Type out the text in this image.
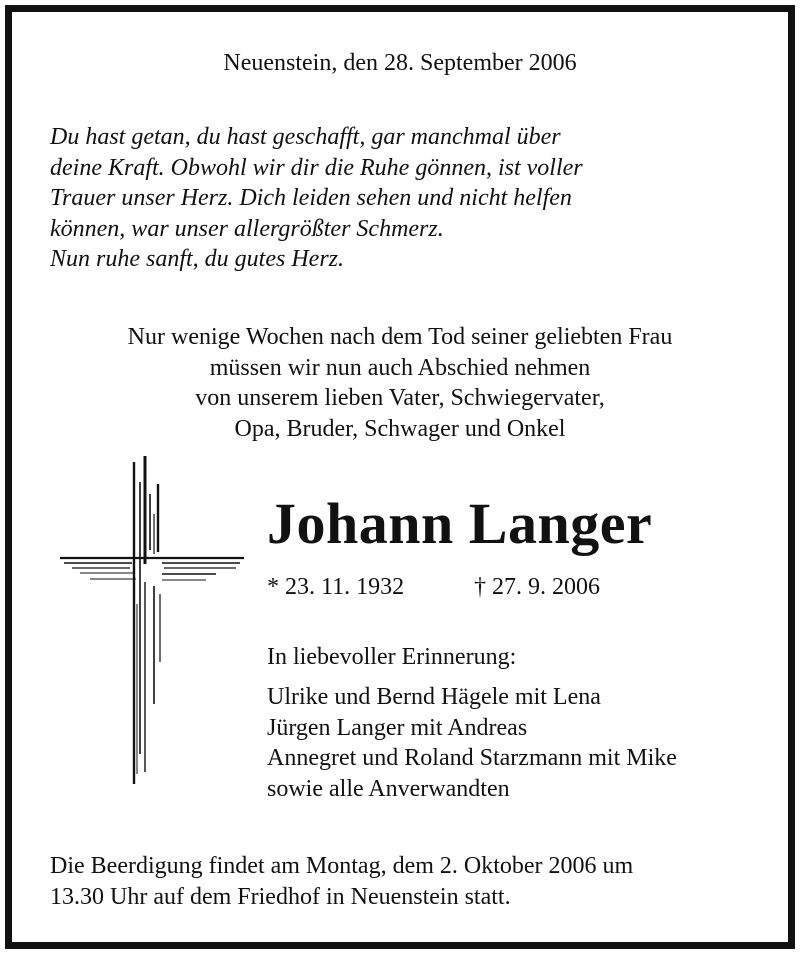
Neuenstein, den 28. September 2006

Du hast getan, du hast geschafft, gar manchmal über
deine Kraft. Obwohl wir dir die Ruhe gönnen, ist voller
Trauer unser Herz. Dich leiden sehen und nicht helfen
können, war unser allergrößter Schmerz.
Nun ruhe sanft, du gutes Herz.
Nur wenige Wochen nach dem Tod seiner geliebten Frau
müssen wir nun auch Abschied nehmen
von unserem lieben Vater, Schwiegervater,
Opa, Bruder, Schwager und Onkel
Johann Langer

* 23. 11. 1932	† 27. 9. 2006

In liebevoller Erinnerung:

Ulrike und Bernd Hägele mit Lena
Jürgen Langer mit Andreas
Annegret und Roland Starzmann mit Mike
sowie alle Anverwandten
Die Beerdigung findet am Montag, dem 2. Oktober 2006 um
13.30 Uhr auf dem Friedhof in Neuenstein statt.
